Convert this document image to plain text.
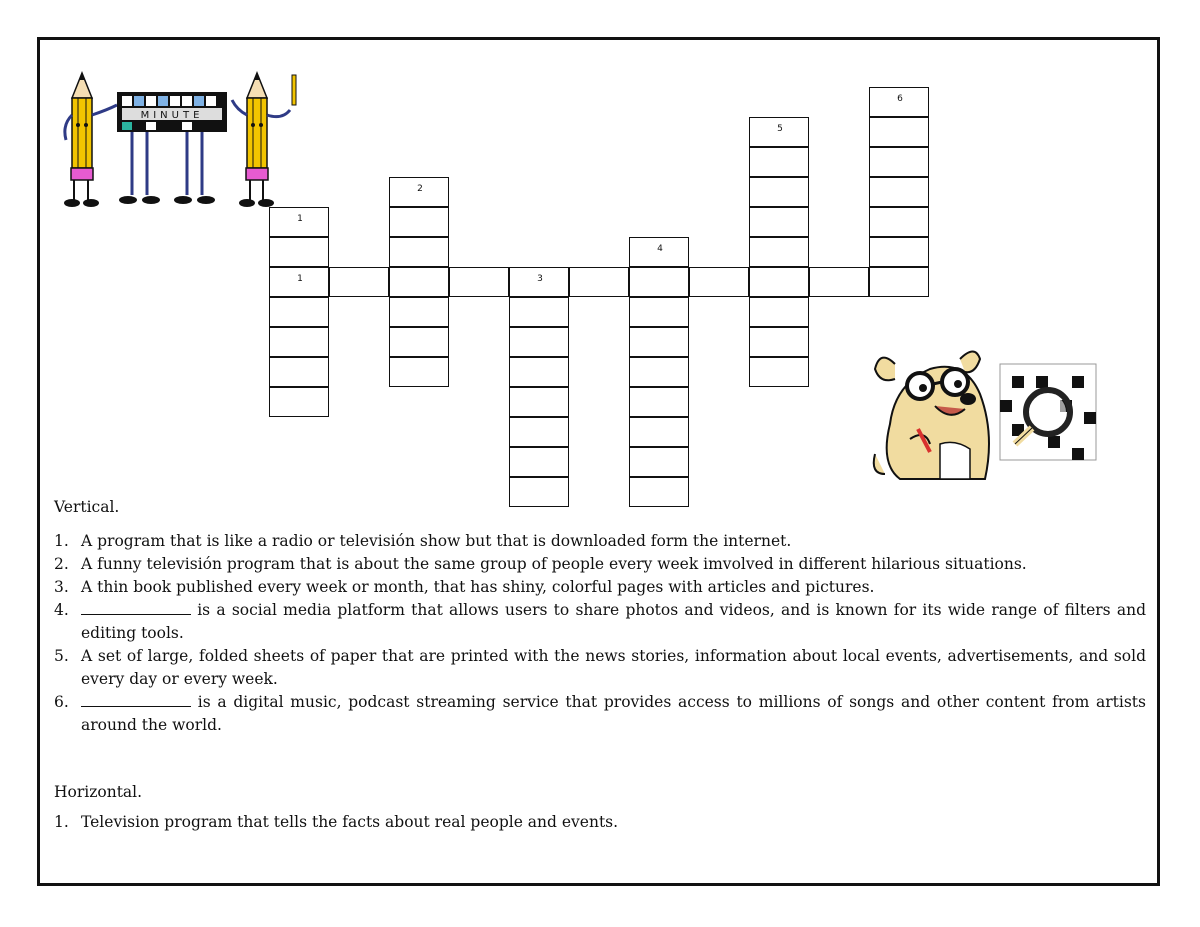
1	3
1
2
4
5
6
MINUTE

Vertical.

1. A program that is like a radio or televisión show but that is downloaded form the internet.
2. A funny televisión program that is about the same group of people every week imvolved in different hilarious situations.
3. A thin book published every week or month, that has shiny, colorful pages with articles and pictures.
4.	is a social media platform that allows users to share photos and videos, and is known for its wide range of filters and editing tools.
5. A set of large, folded sheets of paper that are printed with the news stories, information about local events, advertisements, and sold every day or every week.
6.	is a digital music, podcast streaming service that provides access to millions of songs and other content from artists around the world.

Horizontal.

1. Television program that tells the facts about real people and events.
